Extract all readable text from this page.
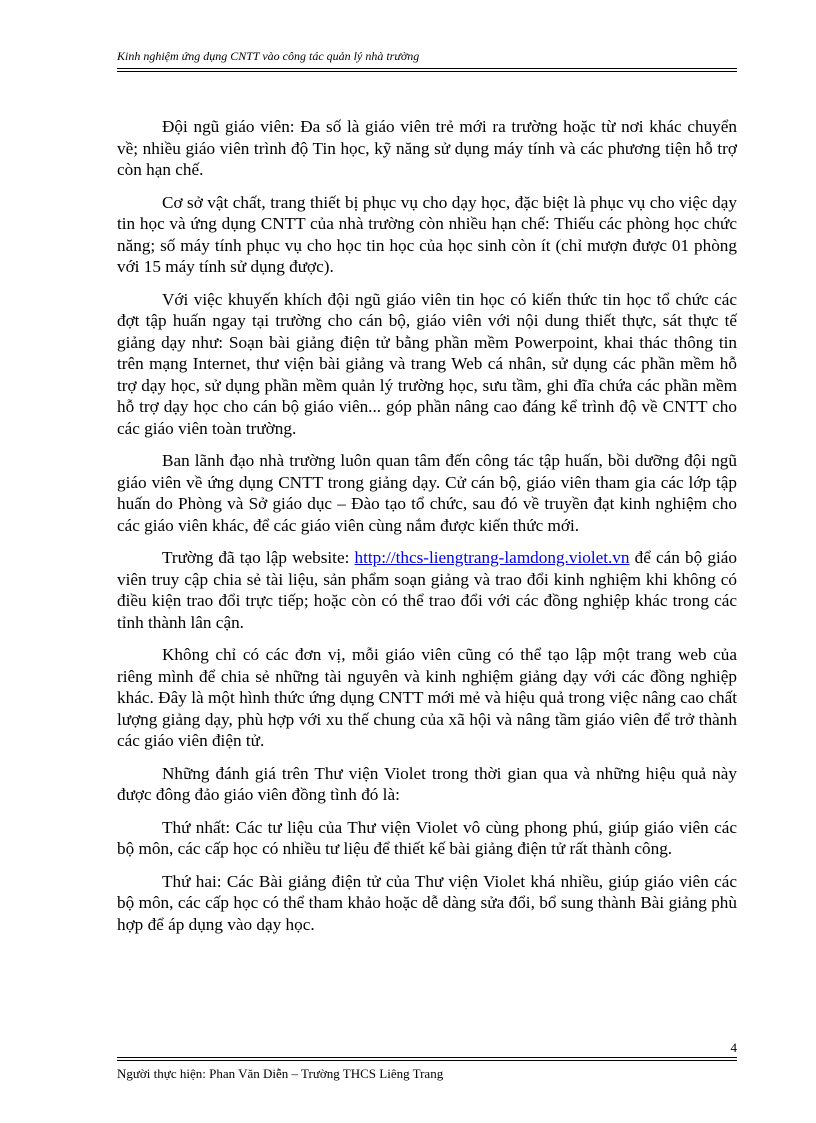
Kinh nghiệm ứng dụng CNTT vào công tác quản lý nhà trường

Đội ngũ giáo viên: Đa số là giáo viên trẻ mới ra trường hoặc từ nơi khác chuyển về; nhiều giáo viên trình độ Tin học, kỹ năng sử dụng máy tính và các phương tiện hỗ trợ còn hạn chế.

Cơ sở vật chất, trang thiết bị phục vụ cho dạy học, đặc biệt là phục vụ cho việc dạy tin học và ứng dụng CNTT của nhà trường còn nhiều hạn chế: Thiếu các phòng học chức năng; số máy tính phục vụ cho học tin học của học sinh còn ít (chỉ mượn được 01 phòng với 15 máy tính sử dụng được).

Với việc khuyến khích đội ngũ giáo viên tin học có kiến thức tin học tổ chức các đợt tập huấn ngay tại trường cho cán bộ, giáo viên với nội dung thiết thực, sát thực tế giảng dạy như: Soạn bài giảng điện tử bằng phần mềm Powerpoint, khai thác thông tin trên mạng Internet, thư viện bài giảng và trang Web cá nhân, sử dụng các phần mềm hỗ trợ dạy học, sử dụng phần mềm quản lý trường học, sưu tầm, ghi đĩa chứa các phần mềm hỗ trợ dạy học cho cán bộ giáo viên... góp phần nâng cao đáng kể trình độ về CNTT cho các giáo viên toàn trường.

Ban lãnh đạo nhà trường luôn quan tâm đến công tác tập huấn, bồi dưỡng đội ngũ giáo viên về ứng dụng CNTT trong giảng dạy. Cử cán bộ, giáo viên tham gia các lớp tập huấn do Phòng và Sở giáo dục – Đào tạo tổ chức, sau đó về truyền đạt kinh nghiệm cho các giáo viên khác, để các giáo viên cùng nắm được kiến thức mới.

Trường đã tạo lập website: http://thcs-liengtrang-lamdong.violet.vn để cán bộ giáo viên truy cập chia sẻ tài liệu, sản phẩm soạn giảng và trao đổi kinh nghiệm khi không có điều kiện trao đổi trực tiếp; hoặc còn có thể trao đổi với các đồng nghiệp khác trong các tỉnh thành lân cận.

Không chỉ có các đơn vị, mỗi giáo viên cũng có thể tạo lập một trang web của riêng mình để chia sẻ những tài nguyên và kinh nghiệm giảng dạy với các đồng nghiệp khác. Đây là một hình thức ứng dụng CNTT mới mẻ và hiệu quả trong việc nâng cao chất lượng giảng dạy, phù hợp với xu thế chung của xã hội và nâng tầm giáo viên để trở thành các giáo viên điện tử.

Những đánh giá trên Thư viện Violet trong thời gian qua và những hiệu quả này được đông đảo giáo viên đồng tình đó là:

Thứ nhất: Các tư liệu của Thư viện Violet vô cùng phong phú, giúp giáo viên các bộ môn, các cấp học có nhiều tư liệu để thiết kế bài giảng điện tử rất thành công.

Thứ hai: Các Bài giảng điện tử của Thư viện Violet khá nhiều, giúp giáo viên các bộ môn, các cấp học có thể tham khảo hoặc dễ dàng sửa đổi, bổ sung thành Bài giảng phù hợp để áp dụng vào dạy học.

4
Người thực hiện: Phan Văn Diễn – Trường THCS Liêng Trang
